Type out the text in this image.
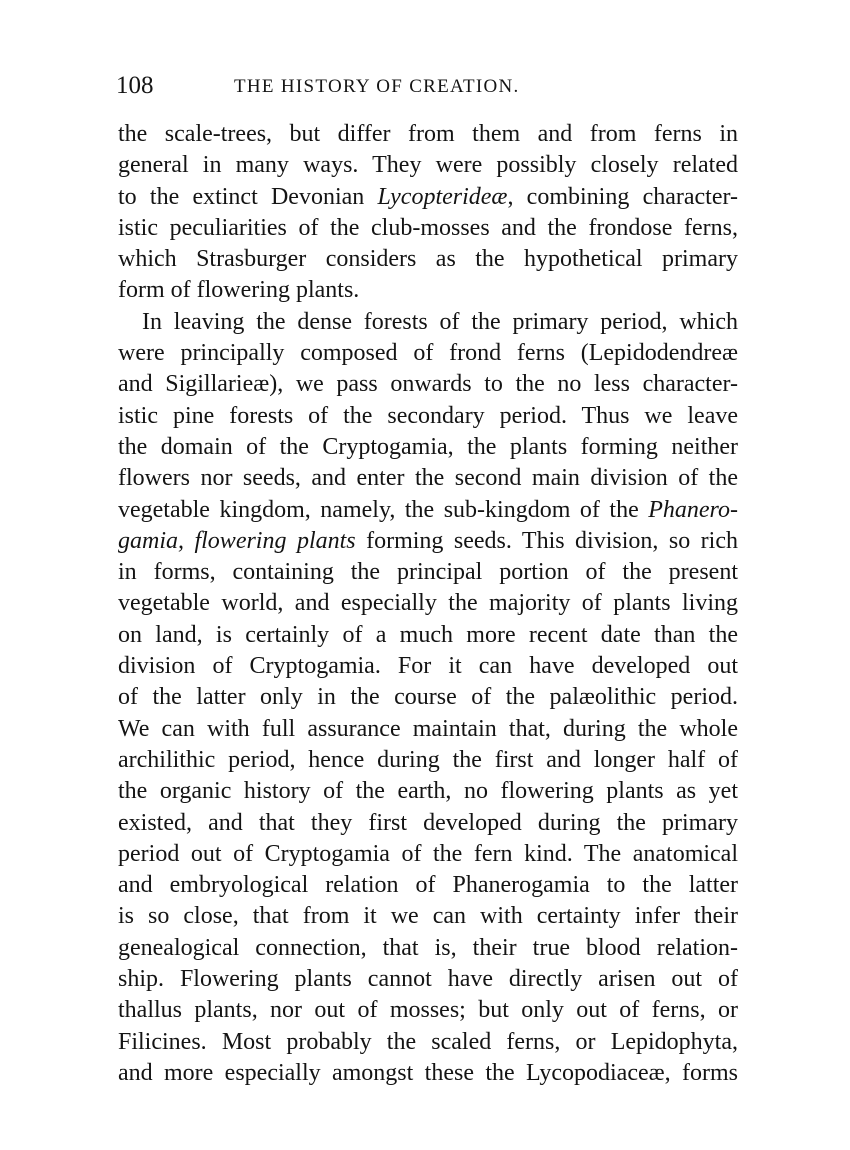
108	THE HISTORY OF CREATION.
the scale-trees, but differ from them and from ferns in
general in many ways. They were possibly closely related
to the extinct Devonian Lycopterideæ, combining character-
istic peculiarities of the club-mosses and the frondose ferns,
which Strasburger considers as the hypothetical primary
form of flowering plants.
In leaving the dense forests of the primary period, which
were principally composed of frond ferns (Lepidodendreæ
and Sigillarieæ), we pass onwards to the no less character-
istic pine forests of the secondary period. Thus we leave
the domain of the Cryptogamia, the plants forming neither
flowers nor seeds, and enter the second main division of the
vegetable kingdom, namely, the sub-kingdom of the Phanero-
gamia, flowering plants forming seeds. This division, so rich
in forms, containing the principal portion of the present
vegetable world, and especially the majority of plants living
on land, is certainly of a much more recent date than the
division of Cryptogamia. For it can have developed out
of the latter only in the course of the palæolithic period.
We can with full assurance maintain that, during the whole
archilithic period, hence during the first and longer half of
the organic history of the earth, no flowering plants as yet
existed, and that they first developed during the primary
period out of Cryptogamia of the fern kind. The anatomical
and embryological relation of Phanerogamia to the latter
is so close, that from it we can with certainty infer their
genealogical connection, that is, their true blood relation-
ship. Flowering plants cannot have directly arisen out of
thallus plants, nor out of mosses; but only out of ferns, or
Filicines. Most probably the scaled ferns, or Lepidophyta,
and more especially amongst these the Lycopodiaceæ, forms
